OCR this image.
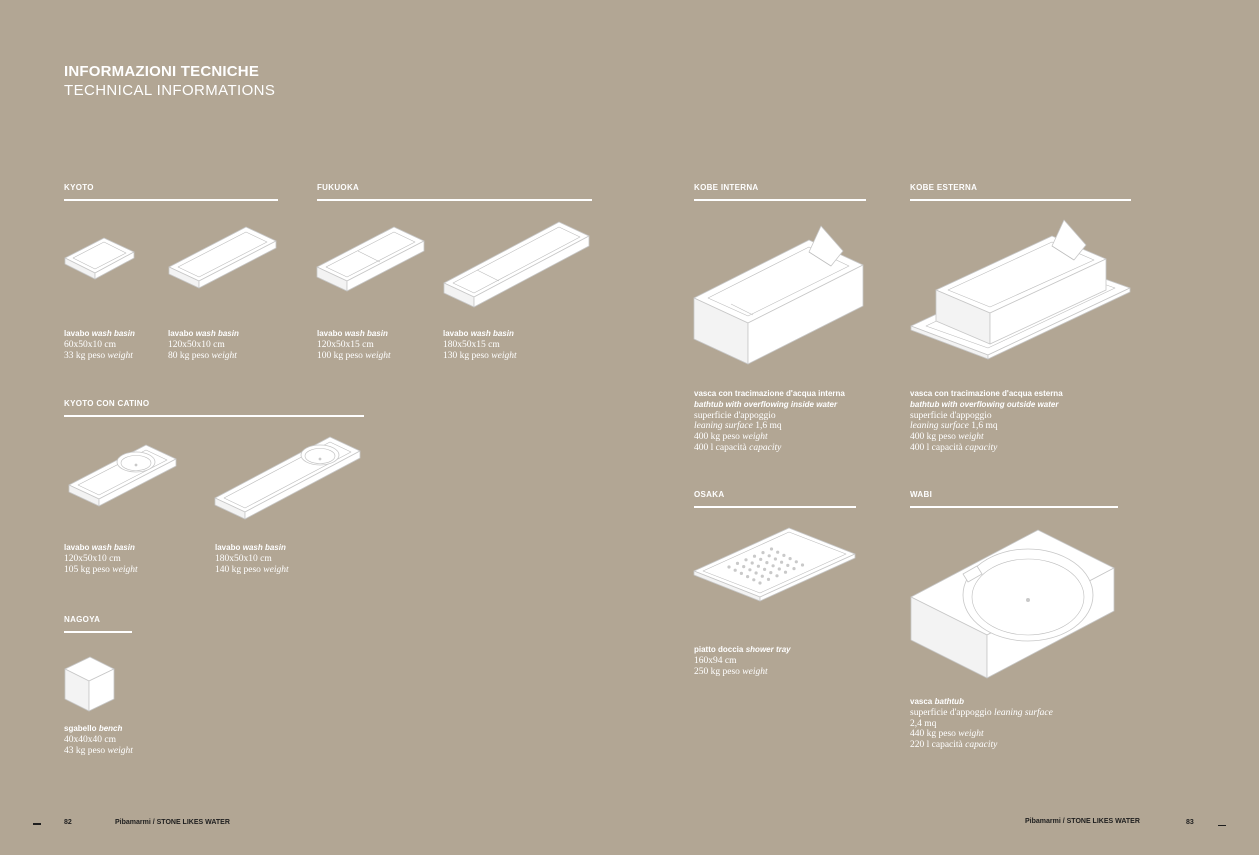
INFORMAZIONI TECNICHE
TECHNICAL INFORMATIONS
KYOTO
lavabo wash basin
60x50x10 cm
33 kg peso weight
lavabo wash basin
120x50x10 cm
80 kg peso weight
FUKUOKA
lavabo wash basin
120x50x15 cm
100 kg peso weight
lavabo wash basin
180x50x15 cm
130 kg peso weight
KYOTO CON CATINO
lavabo wash basin
120x50x10 cm
105 kg peso weight
lavabo wash basin
180x50x10 cm
140 kg peso weight
NAGOYA
sgabello bench
40x40x40 cm
43 kg peso weight
KOBE INTERNA
vasca con tracimazione d'acqua interna
bathtub with overflowing inside water
superficie d'appoggio
leaning surface 1,6 mq
400 kg peso weight
400 l capacità capacity
KOBE ESTERNA
vasca con tracimazione d'acqua esterna
bathtub with overflowing outside water
superficie d'appoggio
leaning surface 1,6 mq
400 kg peso weight
400 l capacità capacity
OSAKA
piatto doccia shower tray
160x94 cm
250 kg peso weight
WABI
vasca bathtub
superficie d'appoggio leaning surface
2,4 mq
440 kg peso weight
220 l capacità capacity
82	Pibamarmi / STONE LIKES WATER	Pibamarmi / STONE LIKES WATER	83
